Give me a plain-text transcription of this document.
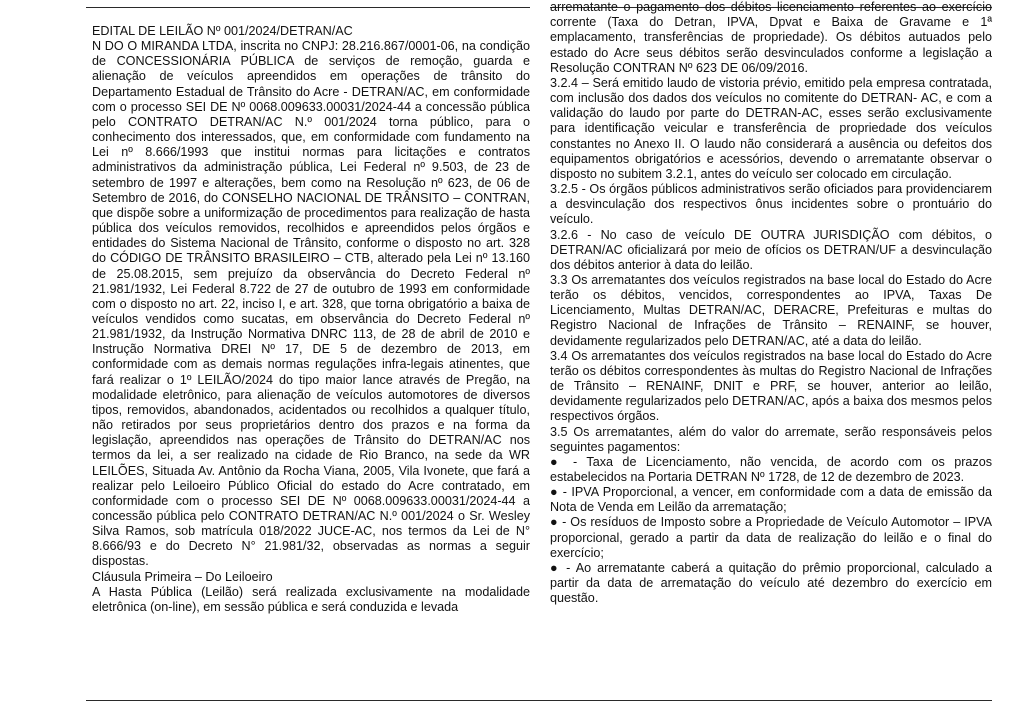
EDITAL DE LEILÃO Nº 001/2024/DETRAN/AC

N DO O MIRANDA LTDA, inscrita no CNPJ: 28.216.867/0001-06, na condição de CONCESSIONÁRIA PÚBLICA de serviços de remoção, guarda e alienação de veículos apreendidos em operações de trânsito do Departamento Estadual de Trânsito do Acre - DETRAN/AC, em conformidade com o processo SEI DE Nº 0068.009633.00031/2024-44 a concessão pública pelo CONTRATO DETRAN/AC N.º 001/2024 torna público, para o conhecimento dos interessados, que, em conformidade com fundamento na Lei nº 8.666/1993 que institui normas para licitações e contratos administrativos da administração pública, Lei Federal nº 9.503, de 23 de setembro de 1997 e alterações, bem como na Resolução nº 623, de 06 de Setembro de 2016, do CONSELHO NACIONAL DE TRÂNSITO – CONTRAN, que dispõe sobre a uniformização de procedimentos para realização de hasta pública dos veículos removidos, recolhidos e apreendidos pelos órgãos e entidades do Sistema Nacional de Trânsito, conforme o disposto no art. 328 do CÓDIGO DE TRÂNSITO BRASILEIRO – CTB, alterado pela Lei nº 13.160 de 25.08.2015, sem prejuízo da observância do Decreto Federal nº 21.981/1932, Lei Federal 8.722 de 27 de outubro de 1993 em conformidade com o disposto no art. 22, inciso I, e art. 328, que torna obrigatório a baixa de veículos vendidos como sucatas, em observância do Decreto Federal nº 21.981/1932, da Instrução Normativa DNRC 113, de 28 de abril de 2010 e Instrução Normativa DREI Nº 17, DE 5 de dezembro de 2013, em conformidade com as demais normas regulações infra-legais atinentes, que fará realizar o 1º LEILÃO/2024 do tipo maior lance através de Pregão, na modalidade eletrônico, para alienação de veículos automotores de diversos tipos, removidos, abandonados, acidentados ou recolhidos a qualquer título, não retirados por seus proprietários dentro dos prazos e na forma da legislação, apreendidos nas operações de Trânsito do DETRAN/AC nos termos da lei, a ser realizado na cidade de Rio Branco, na sede da WR LEILÕES, Situada Av. Antônio da Rocha Viana, 2005, Vila Ivonete, que fará a realizar pelo Leiloeiro Público Oficial do estado do Acre contratado, em conformidade com o processo SEI DE Nº 0068.009633.00031/2024-44 a concessão pública pelo CONTRATO DETRAN/AC N.º 001/2024 o Sr. Wesley Silva Ramos, sob matrícula 018/2022 JUCE-AC, nos termos da Lei de N° 8.666/93 e do Decreto N° 21.981/32, observadas as normas a seguir dispostas.

Cláusula Primeira – Do Leiloeiro

A Hasta Pública (Leilão) será realizada exclusivamente na modalidade eletrônica (on-line), em sessão pública e será conduzida e levada

arrematante o pagamento dos débitos licenciamento referentes ao exercício corrente (Taxa do Detran, IPVA, Dpvat e Baixa de Gravame e 1ª emplacamento, transferências de propriedade). Os débitos autuados pelo estado do Acre seus débitos serão desvinculados conforme a legislação a Resolução CONTRAN Nº 623 DE 06/09/2016.

3.2.4 – Será emitido laudo de vistoria prévio, emitido pela empresa contratada, com inclusão dos dados dos veículos no comitente do DETRAN- AC, e com a validação do laudo por parte do DETRAN-AC, esses serão exclusivamente para identificação veicular e transferência de propriedade dos veículos constantes no Anexo II. O laudo não considerará a ausência ou defeitos dos equipamentos obrigatórios e acessórios, devendo o arrematante observar o disposto no subitem 3.2.1, antes do veículo ser colocado em circulação.

3.2.5 - Os órgãos públicos administrativos serão oficiados para providenciarem a desvinculação dos respectivos ônus incidentes sobre o prontuário do veículo.

3.2.6 - No caso de veículo DE OUTRA JURISDIÇÃO com débitos, o DETRAN/AC oficializará por meio de ofícios os DETRAN/UF a desvinculação dos débitos anterior à data do leilão.

3.3 Os arrematantes dos veículos registrados na base local do Estado do Acre terão os débitos, vencidos, correspondentes ao IPVA, Taxas De Licenciamento, Multas DETRAN/AC, DERACRE, Prefeituras e multas do Registro Nacional de Infrações de Trânsito – RENAINF, se houver, devidamente regularizados pelo DETRAN/AC, até a data do leilão.

3.4 Os arrematantes dos veículos registrados na base local do Estado do Acre terão os débitos correspondentes às multas do Registro Nacional de Infrações de Trânsito – RENAINF, DNIT e PRF, se houver, anterior ao leilão, devidamente regularizados pelo DETRAN/AC, após a baixa dos mesmos pelos respectivos órgãos.

3.5 Os arrematantes, além do valor do arremate, serão responsáveis pelos seguintes pagamentos:

● - Taxa de Licenciamento, não vencida, de acordo com os prazos estabelecidos na Portaria DETRAN Nº 1728, de 12 de dezembro de 2023.

● - IPVA Proporcional, a vencer, em conformidade com a data de emissão da Nota de Venda em Leilão da arrematação;

● - Os resíduos de Imposto sobre a Propriedade de Veículo Automotor – IPVA proporcional, gerado a partir da data de realização do leilão e o final do exercício;

● - Ao arrematante caberá a quitação do prêmio proporcional, calculado a partir da data de arrematação do veículo até dezembro do exercício em questão.
